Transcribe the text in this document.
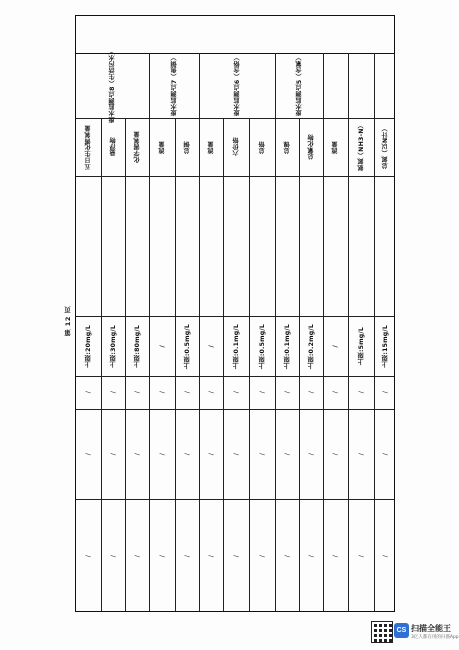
第 12 页
总氮（以N计）
上限:15mg/L
/
/
/
氨氮（NH3-N）
上限:5mg/L
/
/
/
流量
/
/
/
/
总氰化物
上限:0.2mg/L
/
/
/
总镍
上限:0.1mg/L
/
/
/
总铬
上限:0.5mg/L
/
/
/
六价铬
上限:0.1mg/L
/
/
/
流量
/
/
/
/
总铜
上限:0.5mg/L
/
/
/
流量
/
/
/
/
化学需氧量
上限:80mg/L
/
/
/
悬浮物
上限:30mg/L
/
/
/
五日生化需氧量
上限:20mg/L
/
/
/
废水监测点5（含氰）
废水监测点6（含铬）
废水监测点7（焦铜）
废水监测点8（生活污水）
CS 扫描全能王
3亿人都在用的扫描App
